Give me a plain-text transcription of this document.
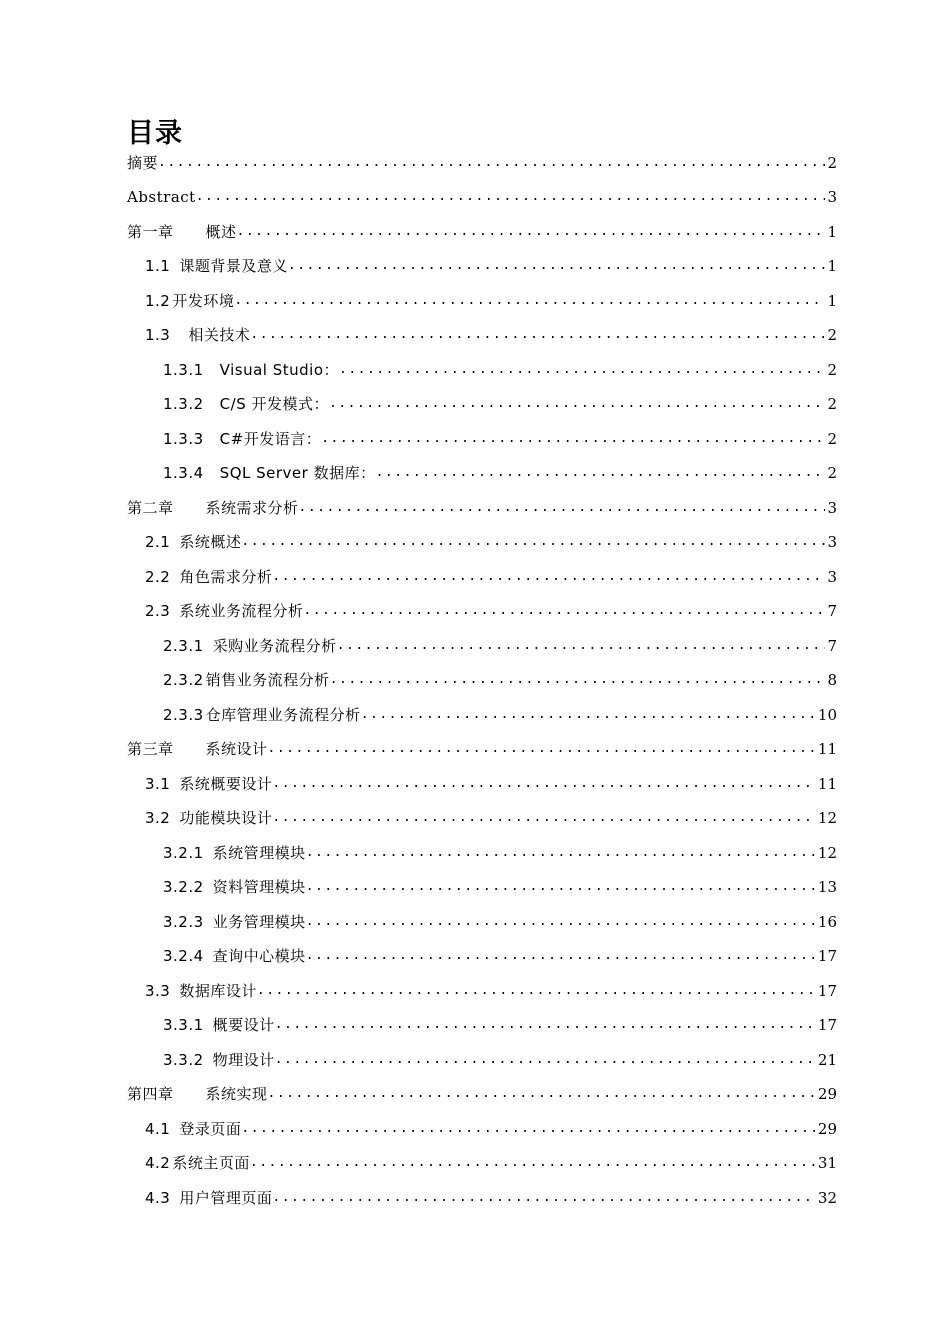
目录
摘要 .....	2
Abstract .....	3
第一章 概述 .....	1
1.1 课题背景及意义 .....	1
1.2 开发环境 .....	1
1.3 相关技术 .....	2
1.3.1 Visual Studio： .....	2
1.3.2 C/S 开发模式： .....	2
1.3.3 C#开发语言： .....	2
1.3.4 SQL Server 数据库： .....	2
第二章 系统需求分析 .....	3
2.1 系统概述 .....	3
2.2 角色需求分析 .....	3
2.3 系统业务流程分析 .....	7
2.3.1 采购业务流程分析 .....	7
2.3.2 销售业务流程分析 .....	8
2.3.3 仓库管理业务流程分析 .....	10
第三章 系统设计 .....	11
3.1 系统概要设计 .....	11
3.2 功能模块设计 .....	12
3.2.1 系统管理模块 .....	12
3.2.2 资料管理模块 .....	13
3.2.3 业务管理模块 .....	16
3.2.4 查询中心模块 .....	17
3.3 数据库设计 .....	17
3.3.1 概要设计 .....	17
3.3.2 物理设计 .....	21
第四章 系统实现 .....	29
4.1 登录页面 .....	29
4.2 系统主页面 .....	31
4.3 用户管理页面 .....	32
